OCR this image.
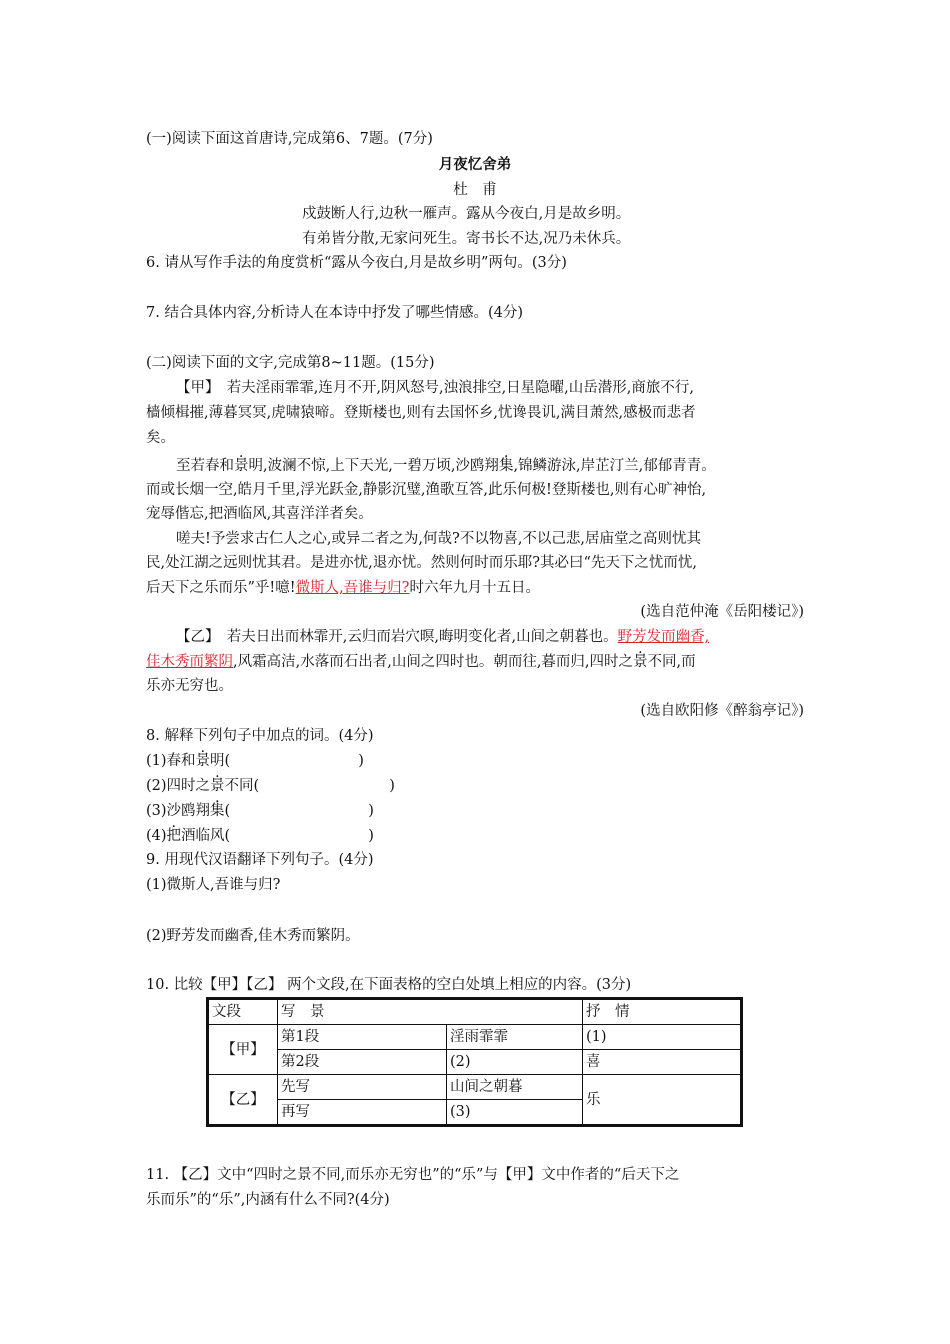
(一)阅读下面这首唐诗,完成第6、7题。(7分)
月夜忆舍弟
杜　甫
戍鼓断人行,边秋一雁声。露从今夜白,月是故乡明。
有弟皆分散,无家问死生。寄书长不达,况乃未休兵。
6. 请从写作手法的角度赏析“露从今夜白,月是故乡明”两句。(3分)
7. 结合具体内容,分析诗人在本诗中抒发了哪些情感。(4分)
(二)阅读下面的文字,完成第8~11题。(15分)
【甲】　若夫淫雨霏霏,连月不开,阴风怒号,浊浪排空,日星隐曜,山岳潜形,商旅不行,
樯倾楫摧,薄暮冥冥,虎啸猿啼。登斯楼也,则有去国怀乡,忧谗畏讥,满目萧然,感极而悲者
矣。
至若春和景明,波澜不惊,上下天光,一碧万顷,沙鸥翔集,锦鳞游泳,岸芷汀兰,郁郁青青。
而或长烟一空,皓月千里,浮光跃金,静影沉璧,渔歌互答,此乐何极!登斯楼也,则有心旷神怡,
宠辱偕忘,把酒临风,其喜洋洋者矣。
嗟夫!予尝求古仁人之心,或异二者之为,何哉?不以物喜,不以己悲,居庙堂之高则忧其
民,处江湖之远则忧其君。是进亦忧,退亦忧。然则何时而乐耶?其必曰“先天下之忧而忧,
后天下之乐而乐”乎!噫!微斯人,吾谁与归?时六年九月十五日。
(选自范仲淹《岳阳楼记》)
【乙】　若夫日出而林霏开,云归而岩穴暝,晦明变化者,山间之朝暮也。野芳发而幽香,
佳木秀而繁阴,风霜高洁,水落而石出者,山间之四时也。朝而往,暮而归,四时之景不同,而
乐亦无穷也。
(选自欧阳修《醉翁亭记》)
8. 解释下列句子中加点的词。(4分)
(1)春和景明(	)
(2)四时之景不同(	)
(3)沙鸥翔集(	)
(4)把酒临风(	)
9. 用现代汉语翻译下列句子。(4分)
(1)微斯人,吾谁与归?
(2)野芳发而幽香,佳木秀而繁阴。
10. 比较【甲】【乙】 两个文段,在下面表格的空白处填上相应的内容。(3分)
文段	写　景		抒　情
【甲】	第1段	淫雨霏霏	(1)
	第2段	(2)	喜
【乙】	先写	山间之朝暮	乐
	再写	(3)	
11. 【乙】文中“四时之景不同,而乐亦无穷也”的“乐”与【甲】文中作者的“后天下之
乐而乐”的“乐”,内涵有什么不同?(4分)
